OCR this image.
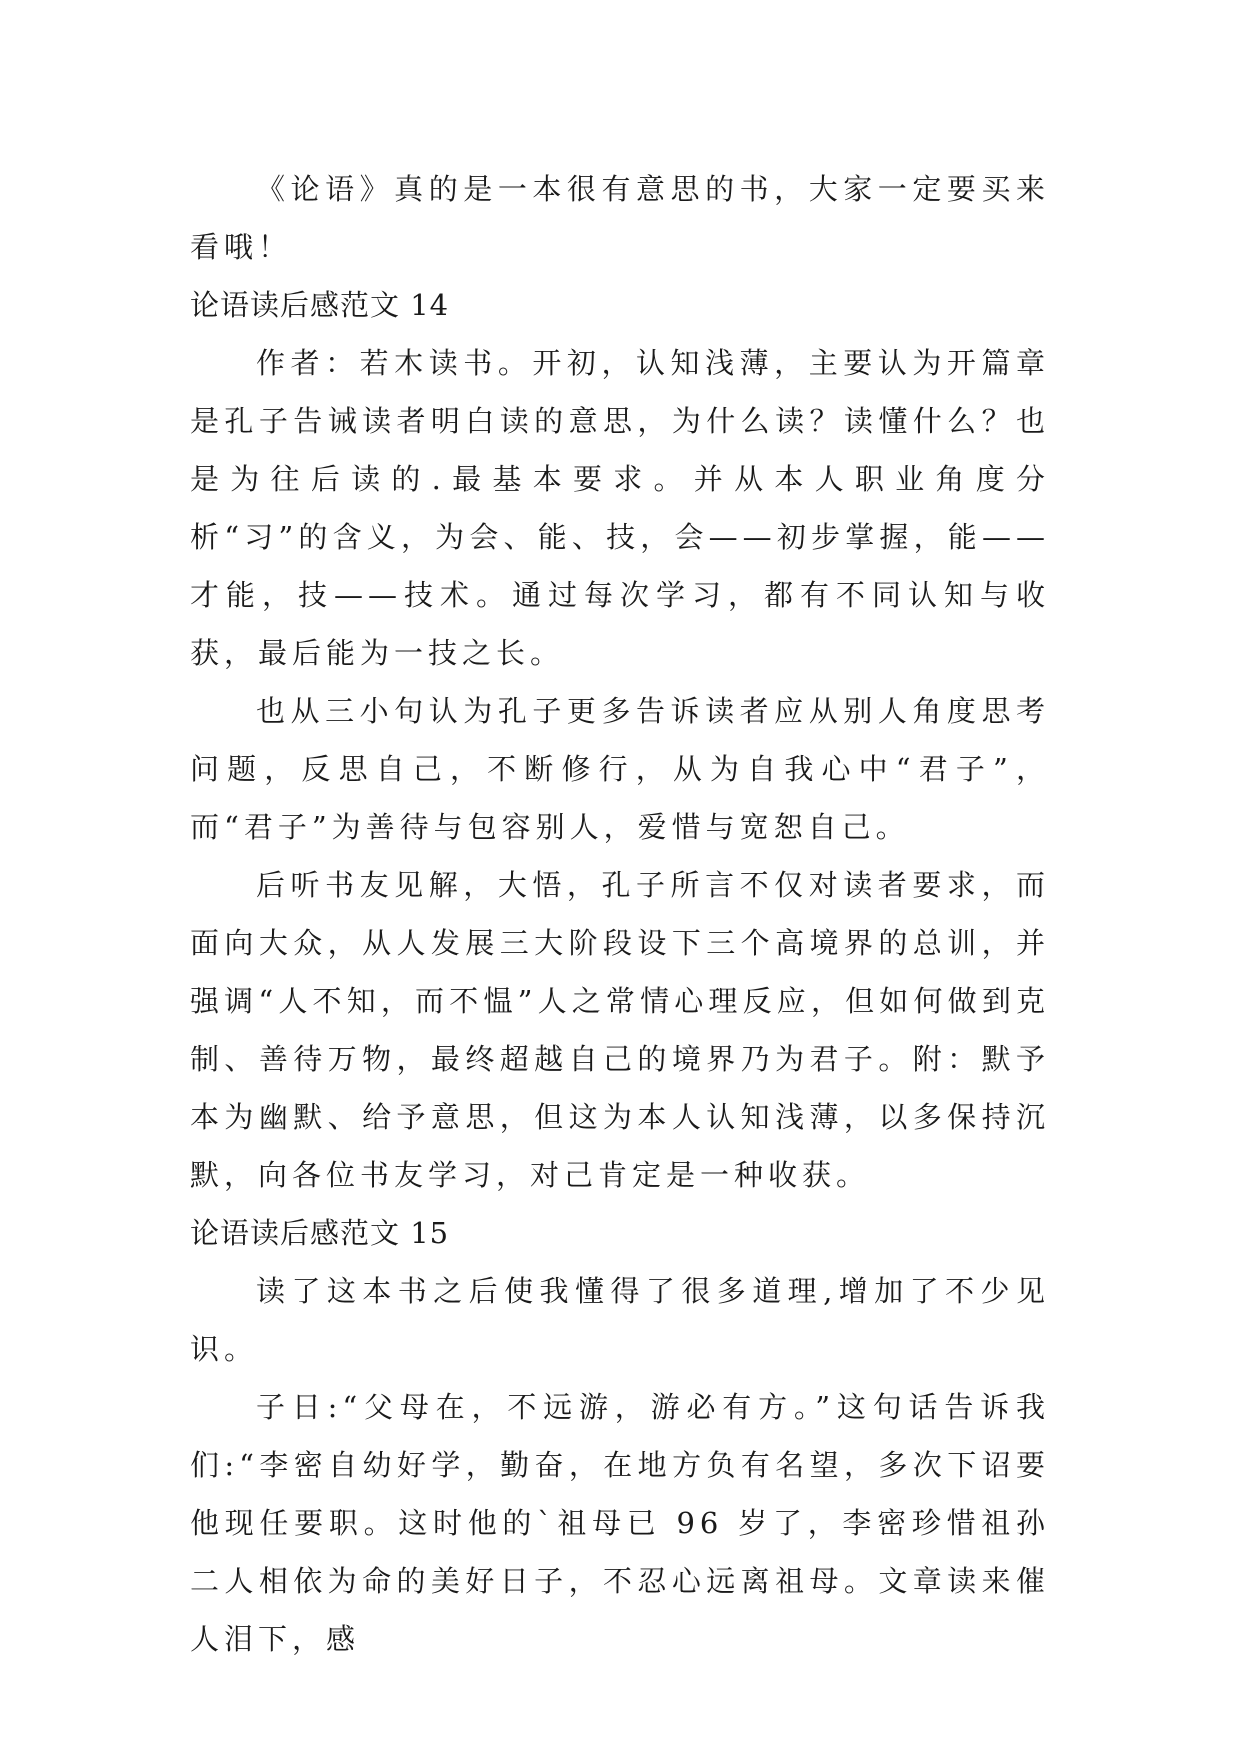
《论语》真的是一本很有意思的书，大家一定要买来看哦！

论语读后感范文 14

作者：若木读书。开初，认知浅薄，主要认为开篇章是孔子告诫读者明白读的意思，为什么读？读懂什么？也是为往后读的.最基本要求。并从本人职业角度分析“习”的含义，为会、能、技，会——初步掌握，能——才能，技——技术。通过每次学习，都有不同认知与收获，最后能为一技之长。

也从三小句认为孔子更多告诉读者应从别人角度思考问题，反思自己，不断修行，从为自我心中“君子”，而“君子”为善待与包容别人，爱惜与宽恕自己。

后听书友见解，大悟，孔子所言不仅对读者要求，而面向大众，从人发展三大阶段设下三个高境界的总训，并强调“人不知，而不愠”人之常情心理反应，但如何做到克制、善待万物，最终超越自己的境界乃为君子。附：默予本为幽默、给予意思，但这为本人认知浅薄，以多保持沉默，向各位书友学习，对己肯定是一种收获。

论语读后感范文 15

读了这本书之后使我懂得了很多道理,增加了不少见识。

子日:“父母在，不远游，游必有方。”这句话告诉我们:“李密自幼好学，勤奋，在地方负有名望，多次下诏要他现任要职。这时他的`祖母已 96 岁了，李密珍惜祖孙二人相依为命的美好日子，不忍心远离祖母。文章读来催人泪下，感
